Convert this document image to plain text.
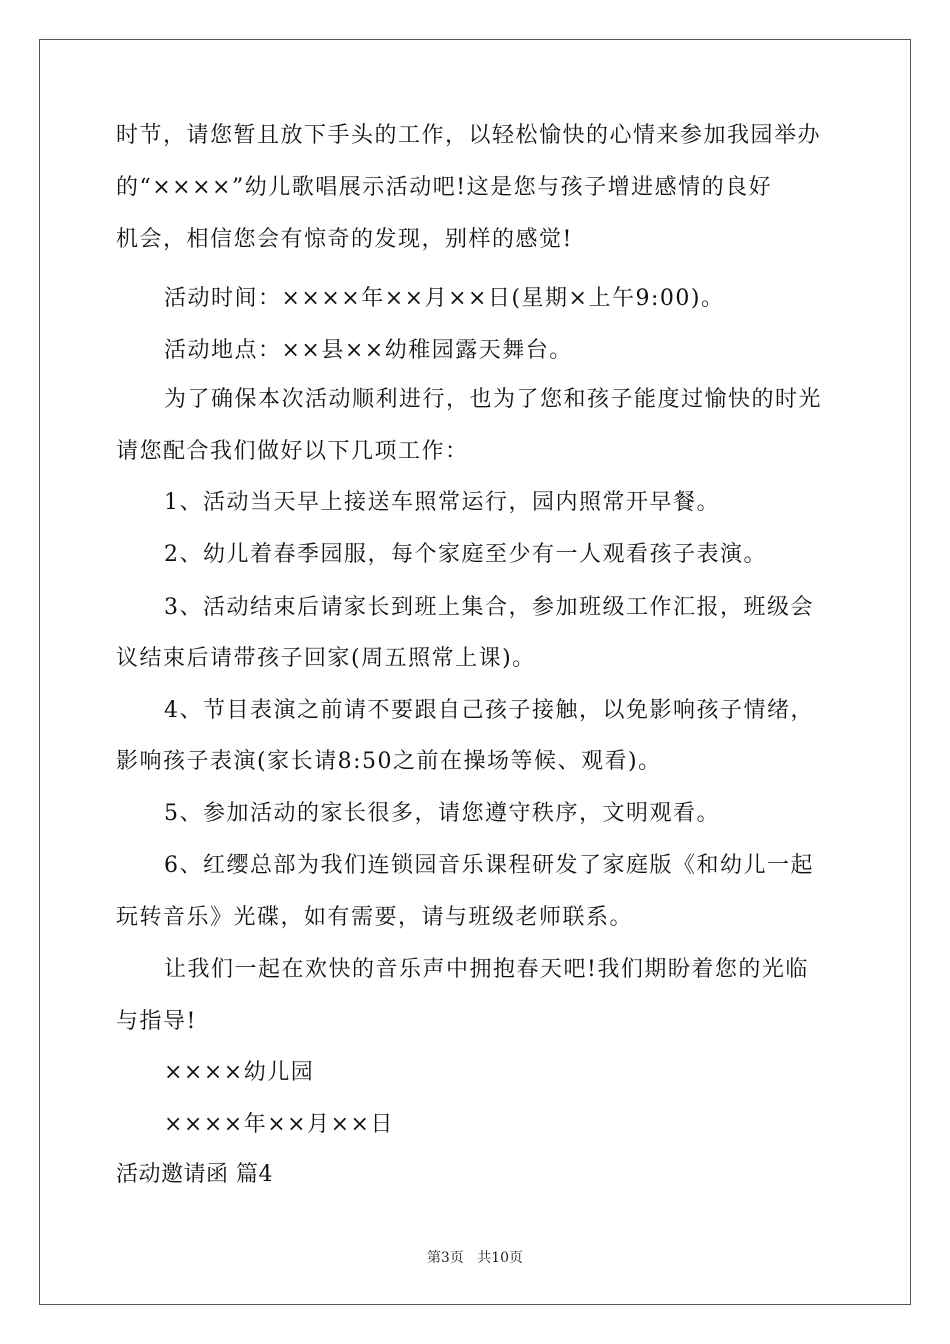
时节，请您暂且放下手头的工作，以轻松愉快的心情来参加我园举办
的“××××”幼儿歌唱展示活动吧!这是您与孩子增进感情的良好
机会，相信您会有惊奇的发现，别样的感觉!
活动时间：××××年××月××日(星期×上午9:00)。
活动地点：××县××幼稚园露天舞台。
为了确保本次活动顺利进行，也为了您和孩子能度过愉快的时光
请您配合我们做好以下几项工作：
1、活动当天早上接送车照常运行，园内照常开早餐。
2、幼儿着春季园服，每个家庭至少有一人观看孩子表演。
3、活动结束后请家长到班上集合，参加班级工作汇报，班级会
议结束后请带孩子回家(周五照常上课)。
4、节目表演之前请不要跟自己孩子接触，以免影响孩子情绪，
影响孩子表演(家长请8:50之前在操场等候、观看)。
5、参加活动的家长很多，请您遵守秩序，文明观看。
6、红缨总部为我们连锁园音乐课程研发了家庭版《和幼儿一起
玩转音乐》光碟，如有需要，请与班级老师联系。
让我们一起在欢快的音乐声中拥抱春天吧!我们期盼着您的光临
与指导!
××××幼儿园
××××年××月××日
活动邀请函 篇4
第3页 共10页
